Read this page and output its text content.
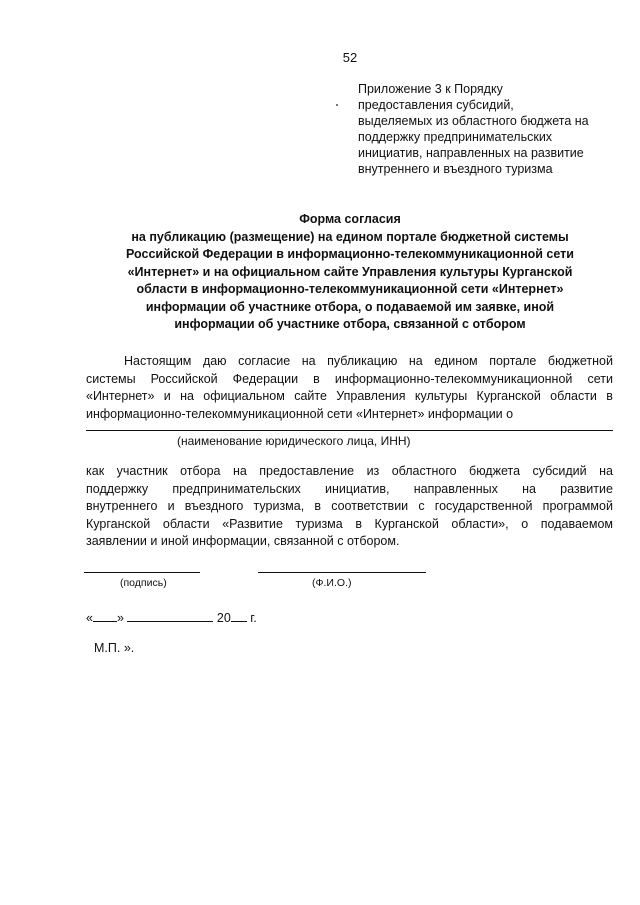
52
Приложение 3 к Порядку
предоставления субсидий,
выделяемых из областного бюджета на
поддержку предпринимательских
инициатив, направленных на развитие
внутреннего и въездного туризма
Форма согласия
на публикацию (размещение) на едином портале бюджетной системы
Российской Федерации в информационно-телекоммуникационной сети
«Интернет» и на официальном сайте Управления культуры Курганской
области в информационно-телекоммуникационной сети «Интернет»
информации об участнике отбора, о подаваемой им заявке, иной
информации об участнике отбора, связанной с отбором
Настоящим даю согласие на публикацию на едином портале бюджетной
системы Российской Федерации в информационно-телекоммуникационной сети
«Интернет» и на официальном сайте Управления культуры Курганской области в
информационно-телекоммуникационной сети «Интернет» информации о
(наименование юридического лица, ИНН)
как участник отбора на предоставление из областного бюджета субсидий на
поддержку предпринимательских инициатив, направленных на развитие
внутреннего и въездного туризма, в соответствии с государственной программой
Курганской области «Развитие туризма в Курганской области», о подаваемом
заявлении и иной информации, связанной с отбором.
(подпись)	(Ф.И.О.)
« »	20 г.
М.П. ».
